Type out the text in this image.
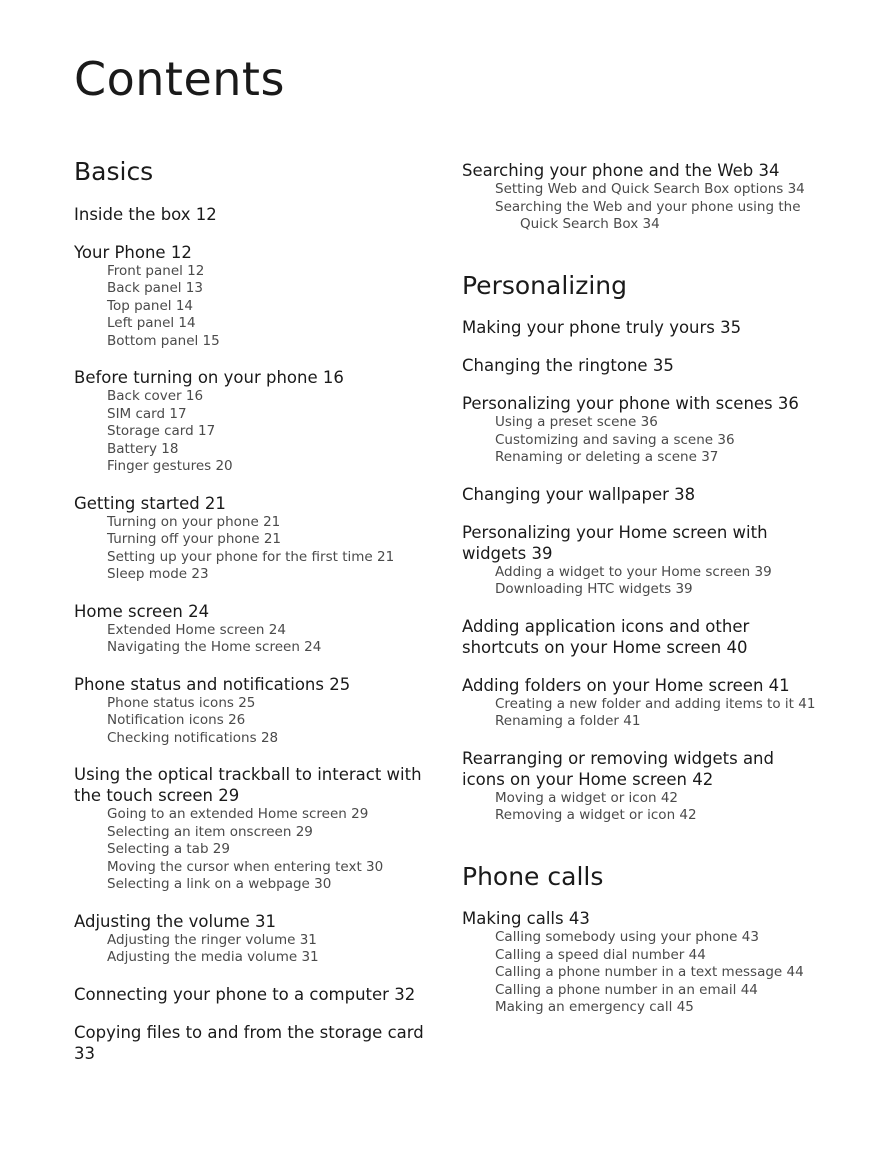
Contents
Basics
Inside the box 12
Your Phone 12
Front panel 12
Back panel 13
Top panel 14
Left panel 14
Bottom panel 15
Before turning on your phone 16
Back cover 16
SIM card 17
Storage card 17
Battery 18
Finger gestures 20
Getting started 21
Turning on your phone 21
Turning off your phone 21
Setting up your phone for the first time 21
Sleep mode 23
Home screen 24
Extended Home screen 24
Navigating the Home screen 24
Phone status and notifications 25
Phone status icons 25
Notification icons 26
Checking notifications 28
Using the optical trackball to interact with the touch screen 29
Going to an extended Home screen 29
Selecting an item onscreen 29
Selecting a tab 29
Moving the cursor when entering text 30
Selecting a link on a webpage 30
Adjusting the volume 31
Adjusting the ringer volume 31
Adjusting the media volume 31
Connecting your phone to a computer 32
Copying files to and from the storage card 33
Searching your phone and the Web 34
Setting Web and Quick Search Box options 34
Searching the Web and your phone using the Quick Search Box 34
Personalizing
Making your phone truly yours 35
Changing the ringtone 35
Personalizing your phone with scenes 36
Using a preset scene 36
Customizing and saving a scene 36
Renaming or deleting a scene 37
Changing your wallpaper 38
Personalizing your Home screen with widgets 39
Adding a widget to your Home screen 39
Downloading HTC widgets 39
Adding application icons and other shortcuts on your Home screen 40
Adding folders on your Home screen 41
Creating a new folder and adding items to it 41
Renaming a folder 41
Rearranging or removing widgets and icons on your Home screen 42
Moving a widget or icon 42
Removing a widget or icon 42
Phone calls
Making calls 43
Calling somebody using your phone 43
Calling a speed dial number 44
Calling a phone number in a text message 44
Calling a phone number in an email 44
Making an emergency call 45
